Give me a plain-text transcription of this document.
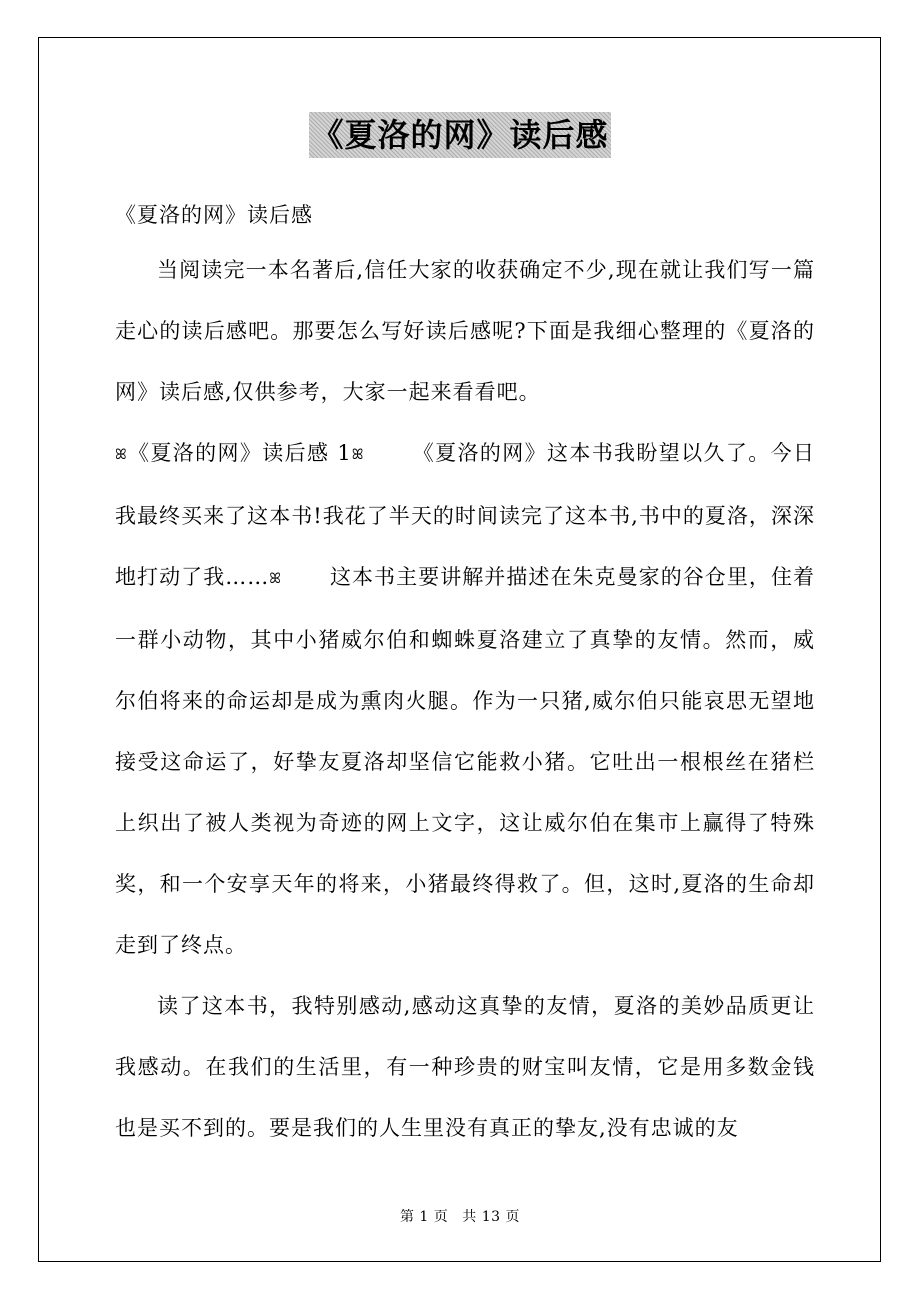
《夏洛的网》读后感

《夏洛的网》读后感

当阅读完一本名著后,信任大家的收获确定不少,现在就让我们写一篇走心的读后感吧。那要怎么写好读后感呢?下面是我细心整理的《夏洛的网》读后感,仅供参考，大家一起来看看吧。

ꕤ《夏洛的网》读后感 1ꕤ 《夏洛的网》这本书我盼望以久了。今日我最终买来了这本书!我花了半天的时间读完了这本书,书中的夏洛，深深地打动了我……ꕤ 这本书主要讲解并描述在朱克曼家的谷仓里，住着一群小动物，其中小猪威尔伯和蜘蛛夏洛建立了真挚的友情。然而，威尔伯将来的命运却是成为熏肉火腿。作为一只猪,威尔伯只能哀思无望地接受这命运了，好挚友夏洛却坚信它能救小猪。它吐出一根根丝在猪栏上织出了被人类视为奇迹的网上文字，这让威尔伯在集市上赢得了特殊奖，和一个安享天年的将来，小猪最终得救了。但，这时,夏洛的生命却走到了终点。

读了这本书，我特别感动,感动这真挚的友情，夏洛的美妙品质更让我感动。在我们的生活里，有一种珍贵的财宝叫友情，它是用多数金钱也是买不到的。要是我们的人生里没有真正的挚友,没有忠诚的友

第 1 页 共 13 页
